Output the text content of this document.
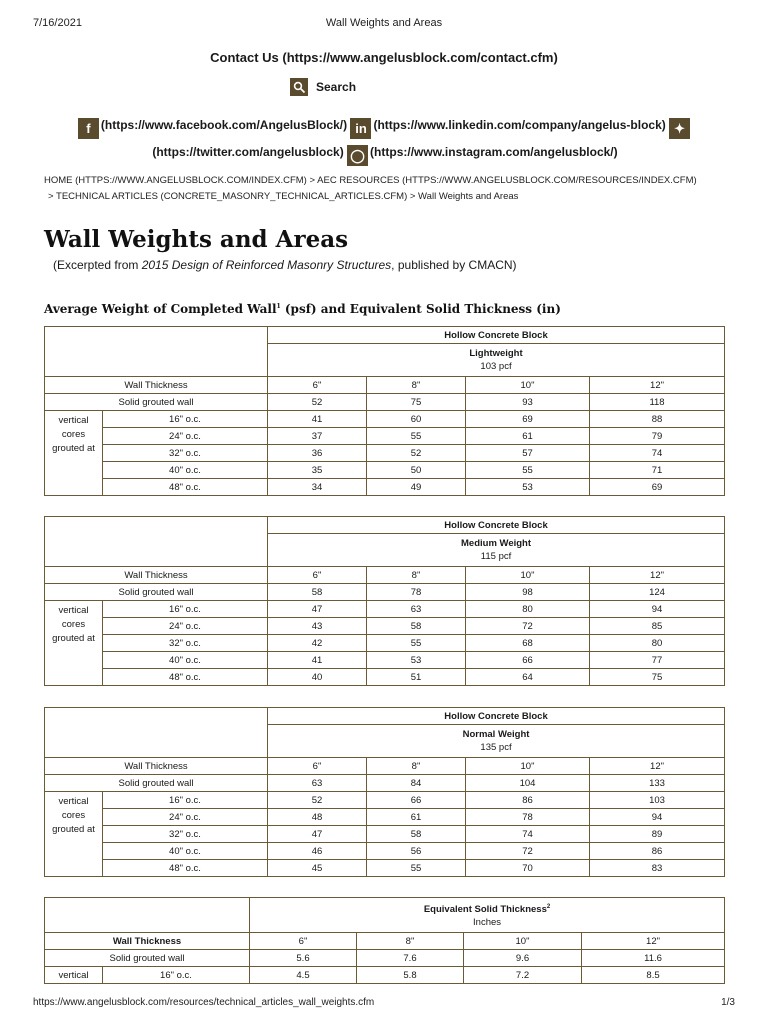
7/16/2021	Wall Weights and Areas
Contact Us (https://www.angelusblock.com/contact.cfm)
Search
f (https://www.facebook.com/AngelusBlock/) in (https://www.linkedin.com/company/angelus-block) ✦(https://twitter.com/angelusblock) ◯ (https://www.instagram.com/angelusblock/)
HOME (HTTPS://WWW.ANGELUSBLOCK.COM/INDEX.CFM) > AEC RESOURCES (HTTPS://WWW.ANGELUSBLOCK.COM/RESOURCES/INDEX.CFM)
> TECHNICAL ARTICLES (CONCRETE_MASONRY_TECHNICAL_ARTICLES.CFM) > Wall Weights and Areas
Wall Weights and Areas
(Excerpted from 2015 Design of Reinforced Masonry Structures, published by CMACN)
Average Weight of Completed Wall$^1$ (psf) and Equivalent Solid Thickness (in)
		Hollow Concrete Block			
		Lightweight
103 pcf			
Wall Thickness		6"	8"	10"	12"
Solid grouted wall		52	75	93	118
vertical
cores
grouted at	16" o.c.	41	60	69	88
	24" o.c.	37	55	61	79
	32" o.c.	36	52	57	74
	40" o.c.	35	50	55	71
	48" o.c.	34	49	53	69
		Hollow Concrete Block			
		Medium Weight
115 pcf			
Wall Thickness		6"	8"	10"	12"
Solid grouted wall		58	78	98	124
vertical
cores
grouted at	16" o.c.	47	63	80	94
	24" o.c.	43	58	72	85
	32" o.c.	42	55	68	80
	40" o.c.	41	53	66	77
	48" o.c.	40	51	64	75
		Hollow Concrete Block			
		Normal Weight
135 pcf			
Wall Thickness		6"	8"	10"	12"
Solid grouted wall		63	84	104	133
vertical
cores
grouted at	16" o.c.	52	66	86	103
	24" o.c.	48	61	78	94
	32" o.c.	47	58	74	89
	40" o.c.	46	56	72	86
	48" o.c.	45	55	70	83
		Equivalent Solid Thickness$^2$
Inches			

Wall Thickness		6"	8"	10"	12"
Solid grouted wall		5.6	7.6	9.6	11.6
vertical	16" o.c.	4.5	5.8	7.2	8.5
https://www.angelusblock.com/resources/technical_articles_wall_weights.cfm	1/3
